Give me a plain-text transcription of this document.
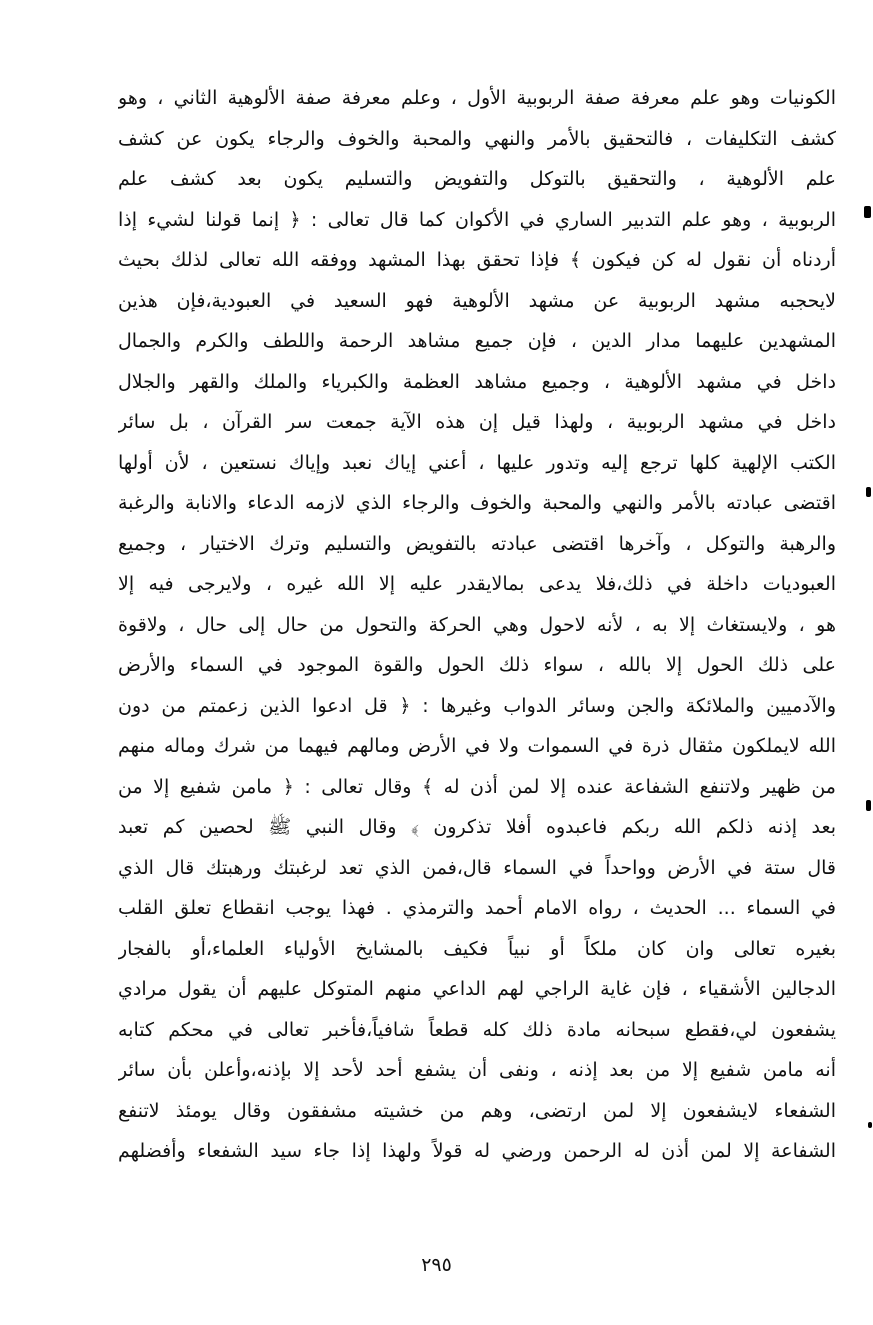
الكونيات وهو علم معرفة صفة الربوبية الأول ، وعلم معرفة صفة الألوهية الثاني ، وهو
كشف التكليفات ، فالتحقيق بالأمر والنهي والمحبة والخوف والرجاء يكون عن كشف
علم الألوهية ، والتحقيق بالتوكل والتفويض والتسليم يكون بعد كشف علم
الربوبية ، وهو علم التدبير الساري في الأكوان كما قال تعالى : ﴿ إنما قولنا لشيء إذا
أردناه أن نقول له كن فيكون ﴾ فإذا تحقق بهذا المشهد ووفقه الله تعالى لذلك بحيث
لايحجبه مشهد الربوبية عن مشهد الألوهية فهو السعيد في العبودية،فإن هذين
المشهدين عليهما مدار الدين ، فإن جميع مشاهد الرحمة واللطف والكرم والجمال
داخل في مشهد الألوهية ، وجميع مشاهد العظمة والكبرياء والملك والقهر والجلال
داخل في مشهد الربوبية ، ولهذا قيل إن هذه الآية جمعت سر القرآن ، بل سائر
الكتب الإلهية كلها ترجع إليه وتدور عليها ، أعني إياك نعبد وإياك نستعين ، لأن أولها
اقتضى عبادته بالأمر والنهي والمحبة والخوف والرجاء الذي لازمه الدعاء والانابة والرغبة
والرهبة والتوكل ، وآخرها اقتضى عبادته بالتفويض والتسليم وترك الاختيار ، وجميع
العبوديات داخلة في ذلك،فلا يدعى بمالايقدر عليه إلا الله غيره ، ولايرجى فيه إلا
هو ، ولايستغاث إلا به ، لأنه لاحول وهي الحركة والتحول من حال إلى حال ، ولاقوة
على ذلك الحول إلا بالله ، سواء ذلك الحول والقوة الموجود في السماء والأرض
والآدميين والملائكة والجن وسائر الدواب وغيرها : ﴿ قل ادعوا الذين زعمتم من دون
الله لايملكون مثقال ذرة في السموات ولا في الأرض ومالهم فيهما من شرك وماله منهم
من ظهير ولاتنفع الشفاعة عنده إلا لمن أذن له ﴾ وقال تعالى : ﴿ مامن شفيع إلا من
بعد إذنه ذلكم الله ربكم فاعبدوه أفلا تذكرون ﴾ وقال النبي ﷺ لحصين كم تعبد
قال ستة في الأرض وواحداً في السماء قال،فمن الذي تعد لرغبتك ورهبتك قال الذي
في السماء ... الحديث ، رواه الامام أحمد والترمذي . فهذا يوجب انقطاع تعلق القلب
بغيره تعالى وان كان ملكاً أو نبياً فكيف بالمشايخ الأولياء العلماء،أو بالفجار
الدجالين الأشقياء ، فإن غاية الراجي لهم الداعي منهم المتوكل عليهم أن يقول مرادي
يشفعون لي،فقطع سبحانه مادة ذلك كله قطعاً شافياً،فأخبر تعالى في محكم كتابه
أنه مامن شفيع إلا من بعد إذنه ، ونفى أن يشفع أحد لأحد إلا بإذنه،وأعلن بأن سائر
الشفعاء لايشفعون إلا لمن ارتضى، وهم من خشيته مشفقون وقال يومئذ لاتنفع
الشفاعة إلا لمن أذن له الرحمن ورضي له قولاً ولهذا إذا جاء سيد الشفعاء وأفضلهم
٢٩٥
